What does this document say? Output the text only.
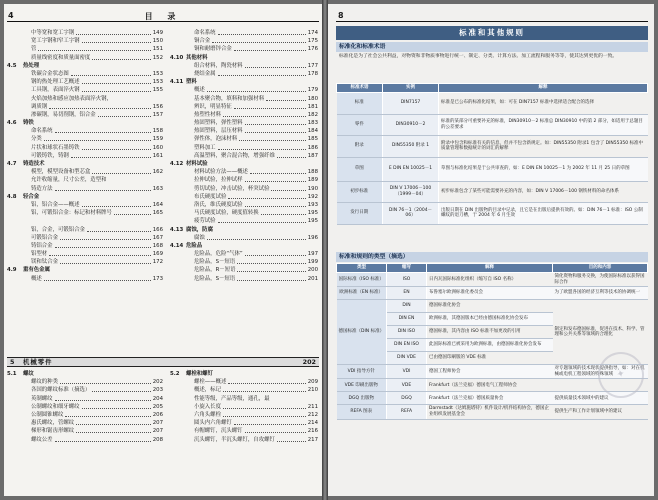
4	目 录
中等宽和宽工字钢	149
宽工字钢和窄工字钢	150
管	151
质量线密度和质量面密度	152
4.5	热处理
铁碳合金状态图	153
钢的热处理工艺概述	153
工具钢，表面淬火钢	155
火焰加热和感应加热表面淬火钢，
调质钢	156
渗碳钢，易切削钢，铝合金	157
4.6	铸铁
命名系统	158
分类	159
片状和球状石墨铸铁	160
可锻铸铁，铸钢	161
4.7	铸造技术
模型，模型设备和型芯盒	162
允许收缩量，尺寸公差，造型和
铸造方法	163
4.8	轻合金
铝，铝合金——概述	164
铝，可锻铝合金：标记和材料牌号	165
铝，合金，可锻铝合金	166
可锻铝合金	167
铸铝合金	168
铝型材	169
镁和钛合金	172
4.9	重有色金属
概述	173
命名系统	174
铜合金	175
铜和耐磨锌合金	176
4.10 其他材料
组合材料，陶瓷材料	177
烧结金属	178
4.11 塑料
概述	179
基本聚合物，填料和加强材料	180
辨识，明显特征	181
热塑性材料	182
热固塑料，弹性塑料	183
热固塑料，层压材料	184
弹性体，泡沫材料	185
塑料加工	186
高温塑料，聚合混合物，增强纤维	187
4.12 材料试验
材料试验方法——概述	188
拉伸试验，拉伸试样	189
剪切试验，冲击试验，杯突试验	190
布氏硬度试验	192
洛氏，维氏硬度试验	193
马氏硬度试验，硬度值转换	195
疲劳试验	195
4.13 腐蚀，防腐
腐蚀	196
4.14 危险品
危险品，危险“气体”	197
危险品，S－短语	199
危险品，R－短语	200
危险品，S－短语	201
5 机械零件	202
5.1	螺纹
螺纹的种类	202
各国的螺纹标准（摘选）	203
英制螺纹	204
公制螺纹和细牙螺纹	205
公制圆锥螺纹	206
惠氏螺纹，管螺纹	207
梯形和锯齿形螺纹	207
螺纹公差	208
5.2	螺栓和螺钉
螺栓——概述	209
概述，标记	210
性能等级，产品等级，通孔，最
小旋入长度	211
六角头螺栓	212
圆头内六角螺钉	214
有帽螺钉，沉头螺钉	216
沉头螺钉，半沉头螺钉，自攻螺钉	217
8
标准和其他规则
标准化和标准术语
标准化是为了社会公共利益，对物资和非物质事物进行统一、制定、分类、计算方法、加工流程和服务等等，使其达到更优的一致。
标准术语	实例	解释
标准	DIN7157	标准是已公布的标准化结果，如：可在 DIN7157 标准中选择适合配合的选择
零件	DIN30910－2	标准的某部分可重要补充的标准，DIN30910－2 标准总 DIN30910 中的第 2 部分，如适用于总题目的公差要求
附录	DIN55350 附录 1	附录中包含和标准有关的信息，但并不包含新规定。如：DIN55350 附录1 包含了 DIN55350 标准中质量管理和数据统计的词汇的解释
草图	E DIN EN 10025－1	草图与标准化结果是于公共审查的，如：E DIN EN 10025－1 为 2002 年 11 月 25 日的草图
初步标准	DIN V 17006－100（1999－04）	初步标准包含了某些可能需要补充的内容，如：DIN V 17006－100 钢铁材料的命名体系
发行日期	DIN 76－1（2004－06）	出版日期在 DIN 出版物的目录中记录，且它是在出版后提供有效的。如：DIN 76－1 标准：ISO 公制螺纹的退刀槽，于 2004 年 6 月生效
标准和规则的类型（摘选）
类型	缩写	解释	目的和内容
国际标准（ISO 标准）	ISO	日内瓦国际标准化组织（缩写自 ISO 名称）	简化资物和服务交换，为使国际标准以获得国际合作
欧洲标准（EN 标准）	EN	布鲁塞尔欧洲标准化委员会	为了欧盟各国的经济互利等技术的协调统一
德国标准（DIN 标准）	DIN	德国标准化协会	制定和发布德国标准，促进在技术、科学、管理和公共关系等领域的合理化
	DIN EN	欧洲标准，其德国版本已经由德国标准化协会发布	
	DIN ISO	德国标准，其内容由 ISO 标准不加更改的引用	
	DIN EN ISO	此国际标准已被采用为欧洲标准，由德国标准化协会发布	
	DIN VDE	已由德国印刷版的 VDE 标准	
VDI 指导方针	VDI	德国工程师协会	对专题领域的技术现状提供指导，如：对在机械或电机工程领域的特殊领域
VDE 印刷出版物	VDE	Frankfurt（法兰克福）德国电气工程师协会	
DGQ 出版物	DGQ	Frankfurt（法兰克福）德国质量协会	提供质量技术领域中的建议
REFA 图表	REFA	Darmstadt（达姆施塔特）机件设计/机件结构协会，德国企业组织发展基金会	提供生产和工作计划领域中的建议
✦
